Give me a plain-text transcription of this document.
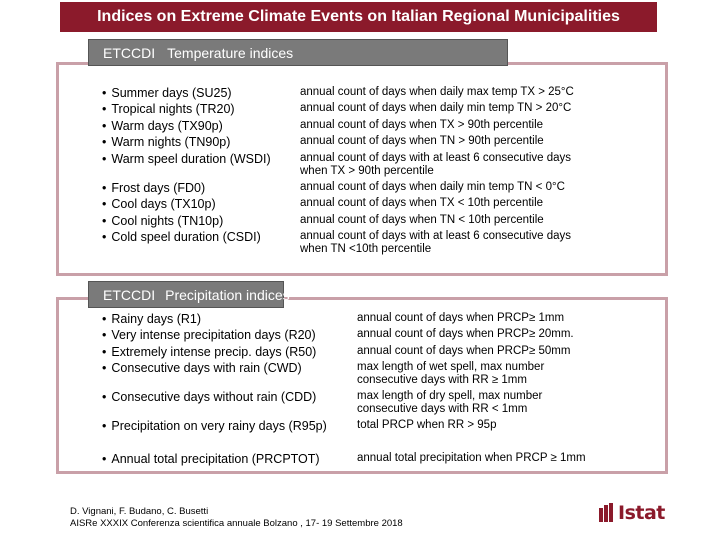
Indices on Extreme Climate Events on Italian Regional Municipalities
ETCCDI Temperature indices
• Summer days (SU25)
• Tropical nights (TR20)
• Warm days (TX90p)
• Warm nights (TN90p)
• Warm speel duration (WSDI)
• Frost days (FD0)
• Cool days (TX10p)
• Cool nights (TN10p)
• Cold speel duration (CSDI)
annual count of days when daily max temp TX > 25°C
annual count of days when daily min temp TN > 20°C
annual count of days when TX > 90th percentile
annual count of days when TN > 90th percentile
annual count of days with at least 6 consecutive days
when TX > 90th percentile
annual count of days when daily min temp TN < 0°C
annual count of days when TX < 10th percentile
annual count of days when TN < 10th percentile
annual count of days with at least 6 consecutive days
when TN <10th percentile
ETCCDI Precipitation indices
• Rainy days (R1)
• Very intense precipitation days (R20)
• Extremely intense precip. days (R50)
• Consecutive days with rain (CWD)
• Consecutive days without rain (CDD)
• Precipitation on very rainy days (R95p)
• Annual total precipitation (PRCPTOT)
annual count of days when PRCP≥ 1mm
annual count of days when PRCP≥ 20mm.
annual count of days when PRCP≥ 50mm
max length of wet spell, max number
consecutive days with RR ≥ 1mm
max length of dry spell, max number
consecutive days with RR < 1mm
total PRCP when RR > 95p
annual total precipitation when PRCP ≥ 1mm
D. Vignani, F. Budano, C. Busetti
AISRe XXXIX Conferenza scientifica annuale Bolzano , 17- 19 Settembre 2018	Istat
